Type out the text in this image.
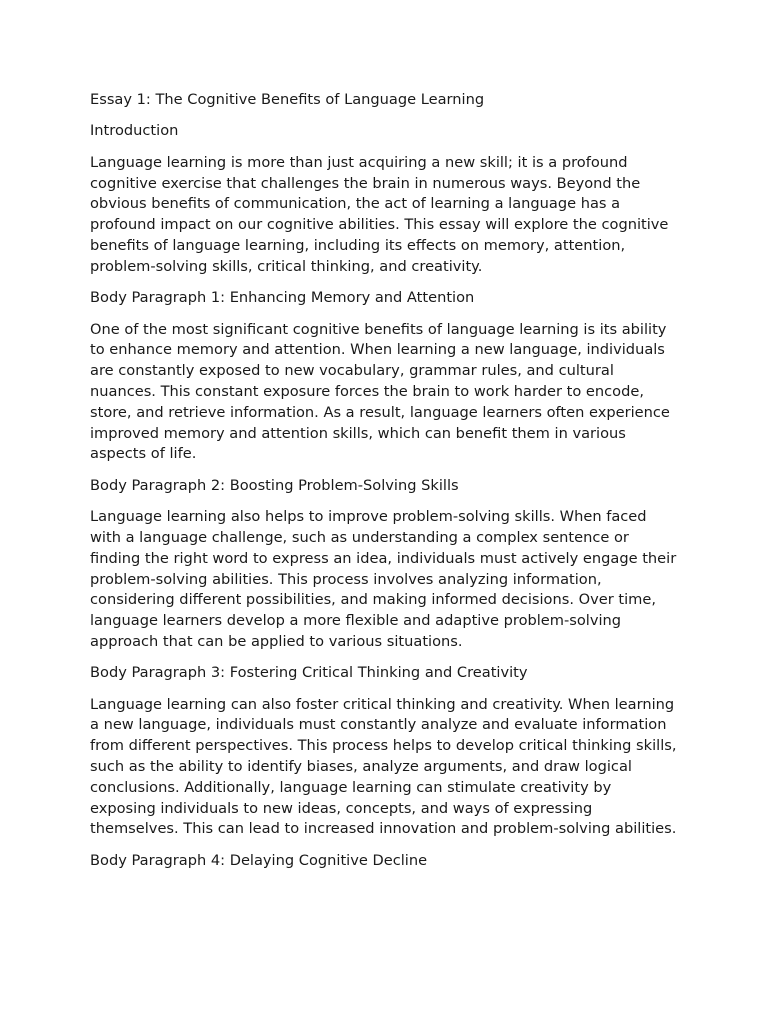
Essay 1: The Cognitive Benefits of Language Learning

Introduction

Language learning is more than just acquiring a new skill; it is a profound cognitive exercise that challenges the brain in numerous ways. Beyond the obvious benefits of communication, the act of learning a language has a profound impact on our cognitive abilities. This essay will explore the cognitive benefits of language learning, including its effects on memory, attention, problem-solving skills, critical thinking, and creativity.

Body Paragraph 1: Enhancing Memory and Attention

One of the most significant cognitive benefits of language learning is its ability to enhance memory and attention. When learning a new language, individuals are constantly exposed to new vocabulary, grammar rules, and cultural nuances. This constant exposure forces the brain to work harder to encode, store, and retrieve information. As a result, language learners often experience improved memory and attention skills, which can benefit them in various aspects of life.

Body Paragraph 2: Boosting Problem-Solving Skills

Language learning also helps to improve problem-solving skills. When faced with a language challenge, such as understanding a complex sentence or finding the right word to express an idea, individuals must actively engage their problem-solving abilities. This process involves analyzing information, considering different possibilities, and making informed decisions. Over time, language learners develop a more flexible and adaptive problem-solving approach that can be applied to various situations.

Body Paragraph 3: Fostering Critical Thinking and Creativity

Language learning can also foster critical thinking and creativity. When learning a new language, individuals must constantly analyze and evaluate information from different perspectives. This process helps to develop critical thinking skills, such as the ability to identify biases, analyze arguments, and draw logical conclusions. Additionally, language learning can stimulate creativity by exposing individuals to new ideas, concepts, and ways of expressing themselves. This can lead to increased innovation and problem-solving abilities.

Body Paragraph 4: Delaying Cognitive Decline
